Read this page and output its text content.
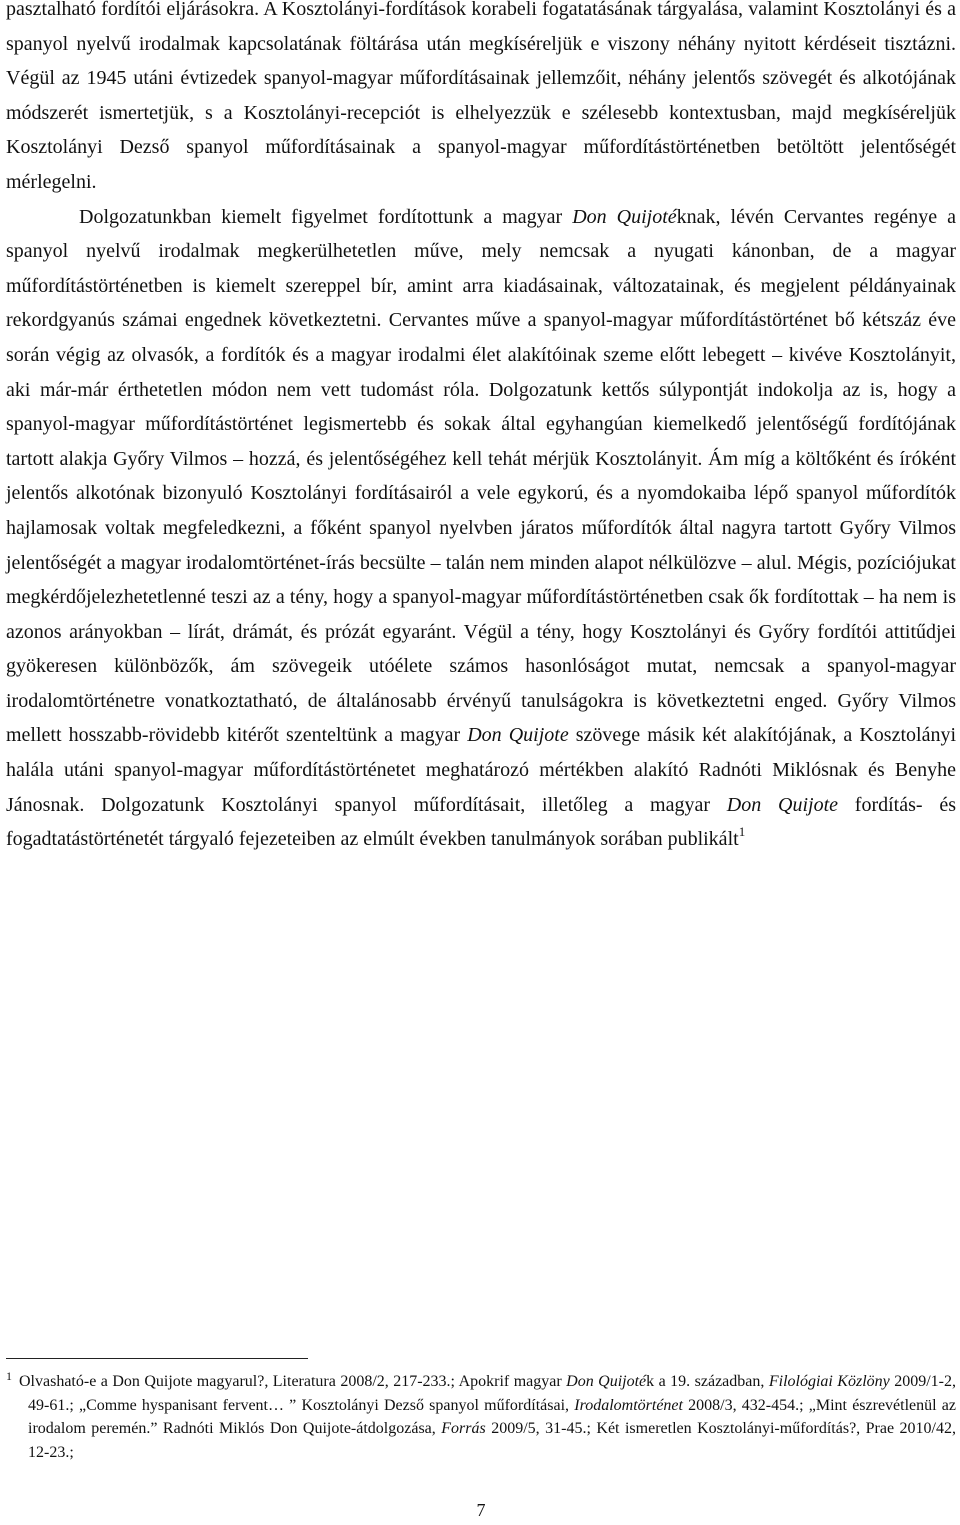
pasztalható fordítói eljárásokra. A Kosztolányi-fordítások korabeli fogatatásának tárgyalása, valamint Kosztolányi és a spanyol nyelvű irodalmak kapcsolatának föltárása után megkíséreljük e viszony néhány nyitott kérdéseit tisztázni. Végül az 1945 utáni évtizedek spanyol-magyar műfordításainak jellemzőit, néhány jelentős szövegét és alkotójának módszerét ismertetjük, s a Kosztolányi-recepciót is elhelyezzük e szélesebb kontextusban, majd megkíséreljük Kosztolányi Dezső spanyol műfordításainak a spanyol-magyar műfordítástörténetben betöltött jelentőségét mérlegelni.

Dolgozatunkban kiemelt figyelmet fordítottunk a magyar Don Quijotéknak, lévén Cervantes regénye a spanyol nyelvű irodalmak megkerülhetetlen műve, mely nemcsak a nyugati kánonban, de a magyar műfordítástörténetben is kiemelt szereppel bír, amint arra kiadásainak, változatainak, és megjelent példányainak rekordgyanús számai engednek következtetni. Cervantes műve a spanyol-magyar műfordítástörténet bő kétszáz éve során végig az olvasók, a fordítók és a magyar irodalmi élet alakítóinak szeme előtt lebegett – kivéve Kosztolányit, aki már-már érthetetlen módon nem vett tudomást róla. Dolgozatunk kettős súlypontját indokolja az is, hogy a spanyol-magyar műfordítástörténet legismertebb és sokak által egyhangúan kiemelkedő jelentőségű fordítójának tartott alakja Győry Vilmos – hozzá, és jelentőségéhez kell tehát mérjük Kosztolányit. Ám míg a költőként és íróként jelentős alkotónak bizonyuló Kosztolányi fordításairól a vele egykorú, és a nyomdokaiba lépő spanyol műfordítók hajlamosak voltak megfeledkezni, a főként spanyol nyelvben járatos műfordítók által nagyra tartott Győry Vilmos jelentőségét a magyar irodalomtörténet-írás becsülte – talán nem minden alapot nélkülözve – alul. Mégis, pozíciójukat megkérdőjelezhetetlenné teszi az a tény, hogy a spanyol-magyar műfordítástörténetben csak ők fordítottak – ha nem is azonos arányokban – lírát, drámát, és prózát egyaránt. Végül a tény, hogy Kosztolányi és Győry fordítói attitűdjei gyökeresen különbözők, ám szövegeik utóélete számos hasonlóságot mutat, nemcsak a spanyol-magyar irodalomtörténetre vonatkoztatható, de általánosabb érvényű tanulságokra is következtetni enged. Győry Vilmos mellett hosszabb-rövidebb kitérőt szenteltünk a magyar Don Quijote szövege másik két alakítójának, a Kosztolányi halála utáni spanyol-magyar műfordítástörténetet meghatározó mértékben alakító Radnóti Miklósnak és Benyhe Jánosnak. Dolgozatunk Kosztolányi spanyol műfordításait, illetőleg a magyar Don Quijote fordítás- és fogadtatástörténetét tárgyaló fejezeteiben az elmúlt években tanulmányok sorában publikált$^1$

1 Olvasható-e a Don Quijote magyarul?, Literatura 2008/2, 217-233.; Apokrif magyar Don Quijoték a 19. században, Filológiai Közlöny 2009/1-2, 49-61.; „Comme hyspanisant fervent… ” Kosztolányi Dezső spanyol műfordításai, Irodalomtörténet 2008/3, 432-454.; „Mint észrevétlenül az irodalom peremén.” Radnóti Miklós Don Quijote-átdolgozása, Forrás 2009/5, 31-45.; Két ismeretlen Kosztolányi-műfordítás?, Prae 2010/42, 12-23.;

7
